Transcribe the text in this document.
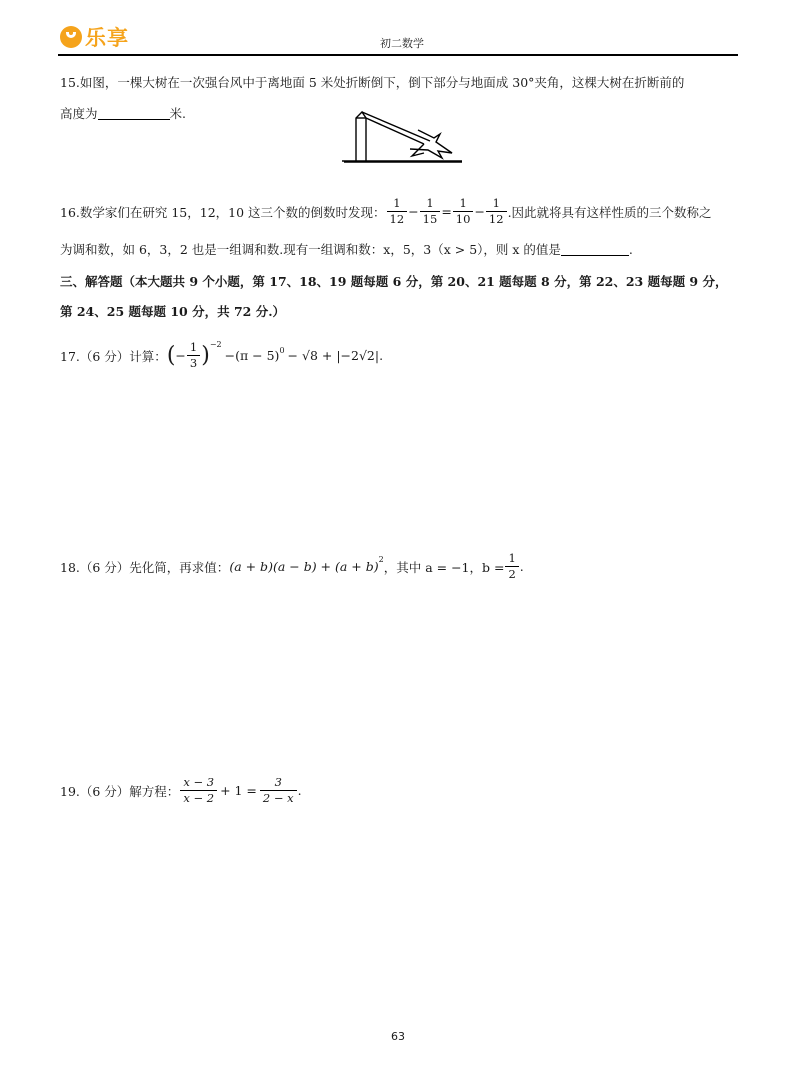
乐享	初二数学
15.如图，一棵大树在一次强台风中于离地面 5 米处折断倒下，倒下部分与地面成 30°夹角，这棵大树在折断前的
高度为	米.
16.数学家们在研究 15，12，10 这三个数的倒数时发现： $\frac{1}{12} - \frac{1}{15} = \frac{1}{10} - \frac{1}{12}$ .因此就将具有这样性质的三个数称之
为调和数，如 6，3，2 也是一组调和数.现有一组调和数：x，5，3（x > 5），则 x 的值是	.
三、解答题（本大题共 9 个小题，第 17、18、19 题每题 6 分，第 20、21 题每题 8 分，第 22、23 题每题 9 分，
第 24、25 题每题 10 分，共 72 分.）
17.（6 分）计算： ( − $\frac{1}{3} )^{-2}$
$-(\pi - 5)^0 - √8 + |-2√2|$ .
18.（6 分）先化简，再求值： $(a + b)(a - b) + (a + b)^2$ ，其中 a = −1，$b = \frac{1}{2}$ .
19.（6 分）解方程： $\frac{x - 3}{x - 2} + 1 = \frac{3}{2 - x}$ .
63
